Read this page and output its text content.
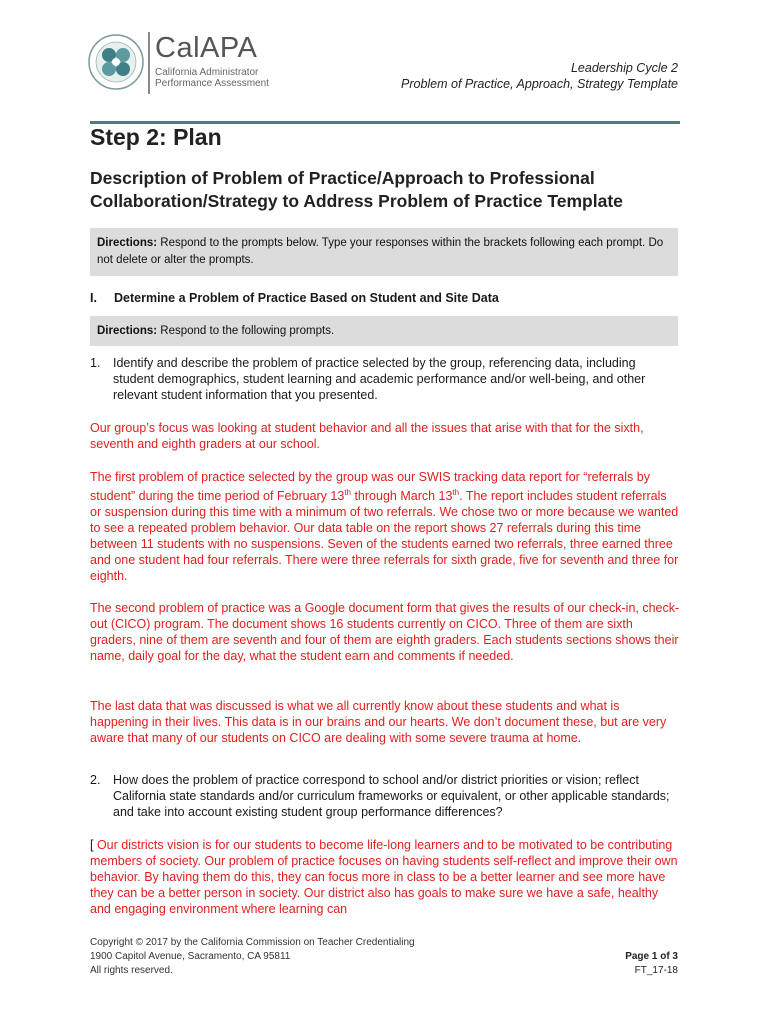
CalAPA
California Administrator
Performance Assessment
Leadership Cycle 2
Problem of Practice, Approach, Strategy Template
Step 2: Plan
Description of Problem of Practice/Approach to Professional Collaboration/Strategy to Address Problem of Practice Template
Directions: Respond to the prompts below. Type your responses within the brackets following each prompt. Do not delete or alter the prompts.
I. Determine a Problem of Practice Based on Student and Site Data
Directions: Respond to the following prompts.
1. Identify and describe the problem of practice selected by the group, referencing data, including student demographics, student learning and academic performance and/or well-being, and other relevant student information that you presented.
Our group’s focus was looking at student behavior and all the issues that arise with that for the sixth, seventh and eighth graders at our school.
The first problem of practice selected by the group was our SWIS tracking data report for “referrals by student” during the time period of February 13th through March 13th. The report includes student referrals or suspension during this time with a minimum of two referrals. We chose two or more because we wanted to see a repeated problem behavior. Our data table on the report shows 27 referrals during this time between 11 students with no suspensions. Seven of the students earned two referrals, three earned three and one student had four referrals. There were three referrals for sixth grade, five for seventh and three for eighth.
The second problem of practice was a Google document form that gives the results of our check-in, check-out (CICO) program. The document shows 16 students currently on CICO. Three of them are sixth graders, nine of them are seventh and four of them are eighth graders. Each students sections shows their name, daily goal for the day, what the student earn and comments if needed.
The last data that was discussed is what we all currently know about these students and what is happening in their lives. This data is in our brains and our hearts. We don’t document these, but are very aware that many of our students on CICO are dealing with some severe trauma at home.
2. How does the problem of practice correspond to school and/or district priorities or vision; reflect California state standards and/or curriculum frameworks or equivalent, or other applicable standards; and take into account existing student group performance differences?
[ Our districts vision is for our students to become life-long learners and to be motivated to be contributing members of society. Our problem of practice focuses on having students self-reflect and improve their own behavior. By having them do this, they can focus more in class to be a better learner and see more have they can be a better person in society. Our district also has goals to make sure we have a safe, healthy and engaging environment where learning can
Copyright © 2017 by the California Commission on Teacher Credentialing
1900 Capitol Avenue, Sacramento, CA 95811
All rights reserved.
Page 1 of 3
FT_17-18
